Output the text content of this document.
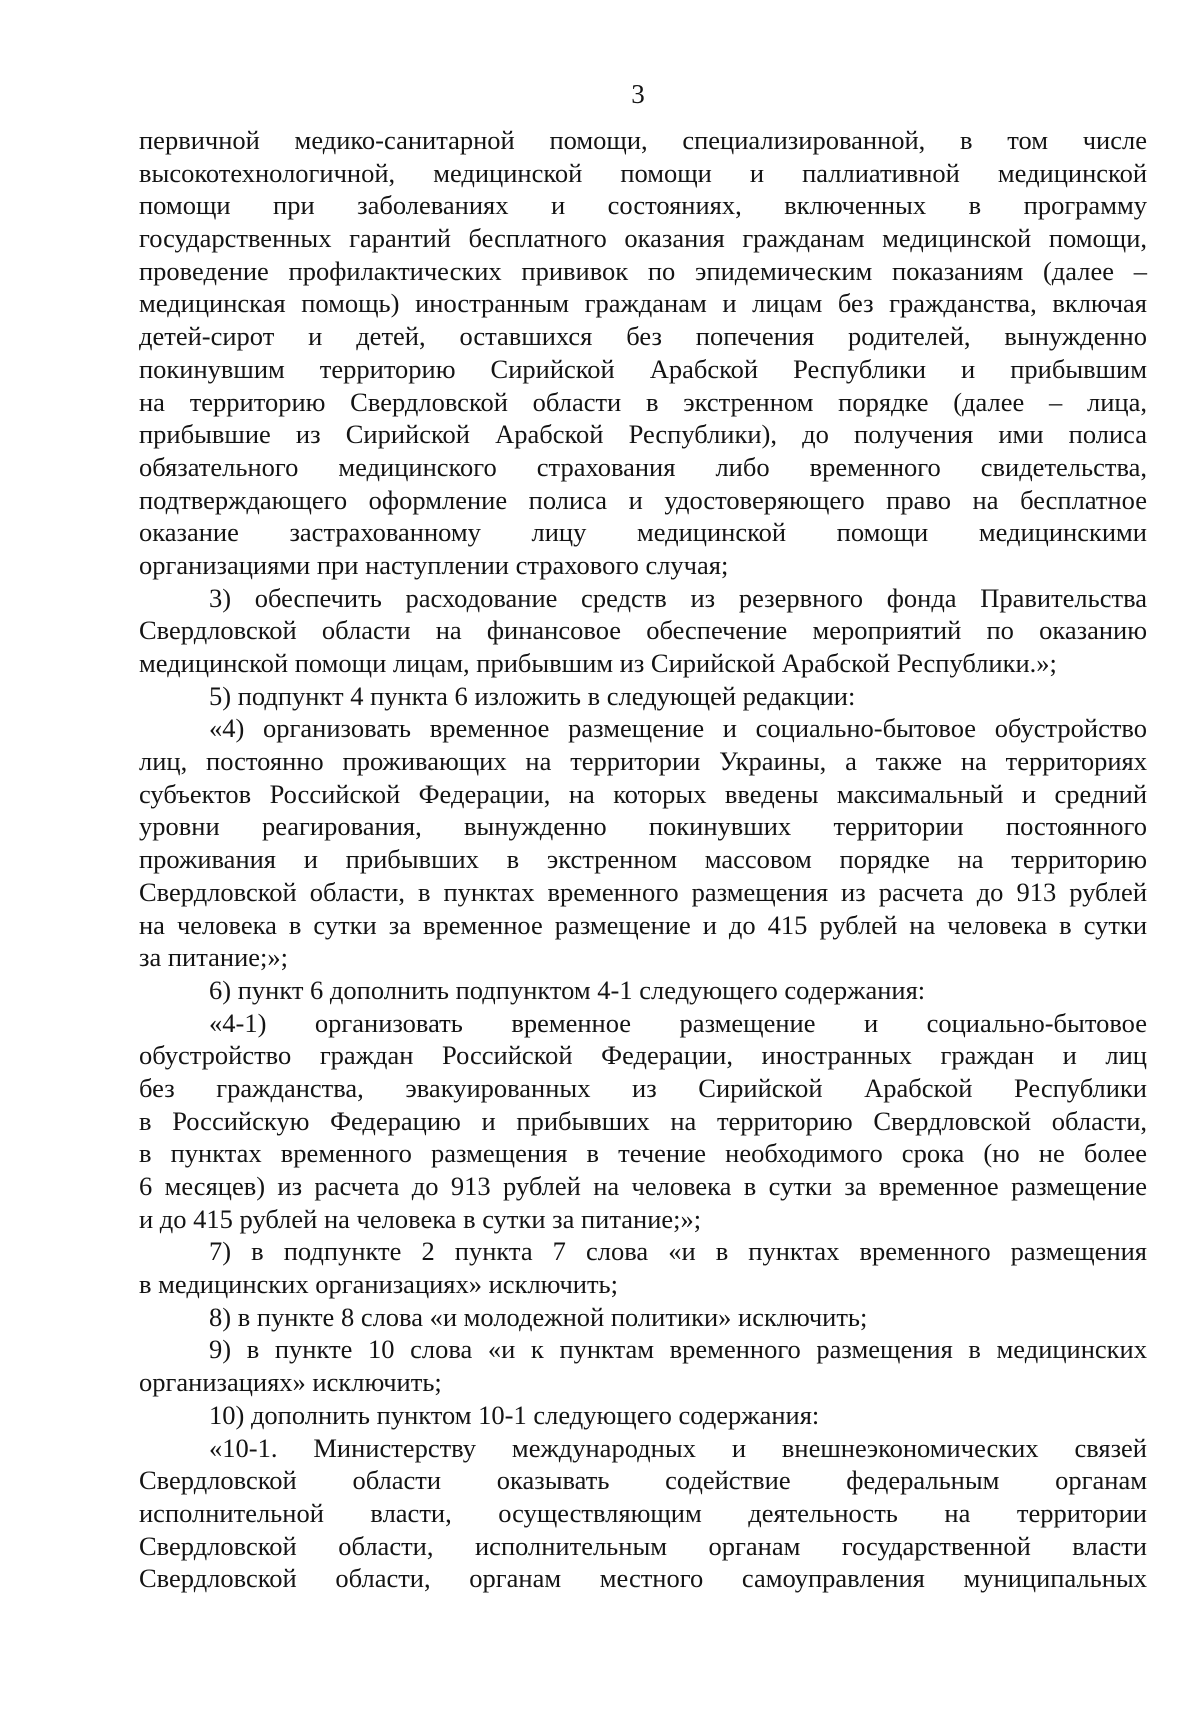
3
первичной медико-санитарной помощи, специализированной, в том числе
высокотехнологичной, медицинской помощи и паллиативной медицинской
помощи при заболеваниях и состояниях, включенных в программу
государственных гарантий бесплатного оказания гражданам медицинской помощи,
проведение профилактических прививок по эпидемическим показаниям (далее –
медицинская помощь) иностранным гражданам и лицам без гражданства, включая
детей-сирот и детей, оставшихся без попечения родителей, вынужденно
покинувшим территорию Сирийской Арабской Республики и прибывшим
на территорию Свердловской области в экстренном порядке (далее – лица,
прибывшие из Сирийской Арабской Республики), до получения ими полиса
обязательного медицинского страхования либо временного свидетельства,
подтверждающего оформление полиса и удостоверяющего право на бесплатное
оказание застрахованному лицу медицинской помощи медицинскими
организациями при наступлении страхового случая;
3) обеспечить расходование средств из резервного фонда Правительства
Свердловской области на финансовое обеспечение мероприятий по оказанию
медицинской помощи лицам, прибывшим из Сирийской Арабской Республики.»;
5) подпункт 4 пункта 6 изложить в следующей редакции:
«4) организовать временное размещение и социально-бытовое обустройство
лиц, постоянно проживающих на территории Украины, а также на территориях
субъектов Российской Федерации, на которых введены максимальный и средний
уровни реагирования, вынужденно покинувших территории постоянного
проживания и прибывших в экстренном массовом порядке на территорию
Свердловской области, в пунктах временного размещения из расчета до 913 рублей
на человека в сутки за временное размещение и до 415 рублей на человека в сутки
за питание;»;
6) пункт 6 дополнить подпунктом 4-1 следующего содержания:
«4-1) организовать временное размещение и социально-бытовое
обустройство граждан Российской Федерации, иностранных граждан и лиц
без гражданства, эвакуированных из Сирийской Арабской Республики
в Российскую Федерацию и прибывших на территорию Свердловской области,
в пунктах временного размещения в течение необходимого срока (но не более
6 месяцев) из расчета до 913 рублей на человека в сутки за временное размещение
и до 415 рублей на человека в сутки за питание;»;
7) в подпункте 2 пункта 7 слова «и в пунктах временного размещения
в медицинских организациях» исключить;
8) в пункте 8 слова «и молодежной политики» исключить;
9) в пункте 10 слова «и к пунктам временного размещения в медицинских
организациях» исключить;
10) дополнить пунктом 10-1 следующего содержания:
«10-1. Министерству международных и внешнеэкономических связей
Свердловской области оказывать содействие федеральным органам
исполнительной власти, осуществляющим деятельность на территории
Свердловской области, исполнительным органам государственной власти
Свердловской области, органам местного самоуправления муниципальных
